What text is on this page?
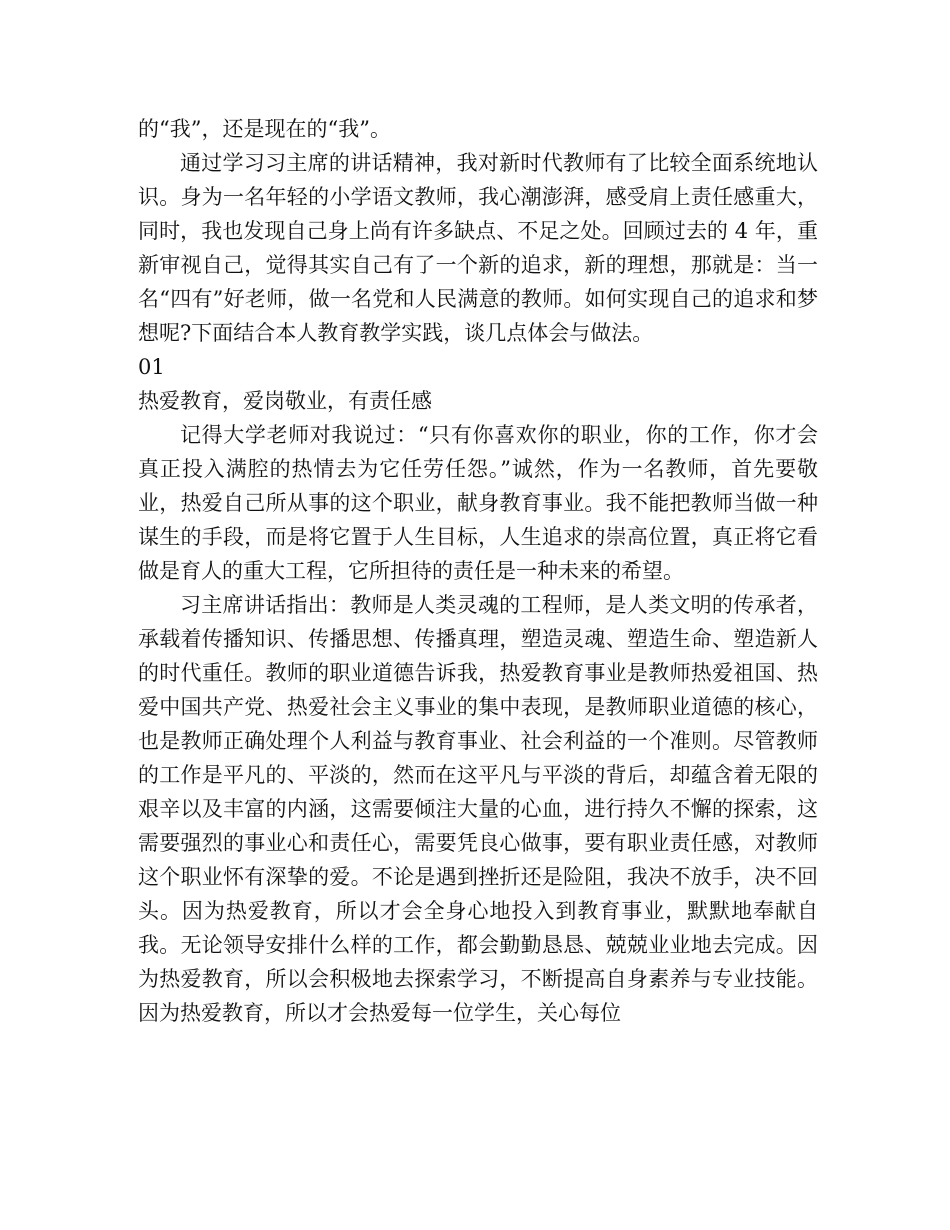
的“我”，还是现在的“我”。

通过学习习主席的讲话精神，我对新时代教师有了比较全面系统地认识。身为一名年轻的小学语文教师，我心潮澎湃，感受肩上责任感重大，同时，我也发现自己身上尚有许多缺点、不足之处。回顾过去的 4 年，重新审视自己，觉得其实自己有了一个新的追求，新的理想，那就是：当一名“四有”好老师，做一名党和人民满意的教师。如何实现自己的追求和梦想呢?下面结合本人教育教学实践，谈几点体会与做法。

01

热爱教育，爱岗敬业，有责任感

记得大学老师对我说过：“只有你喜欢你的职业，你的工作，你才会真正投入满腔的热情去为它任劳任怨。”诚然，作为一名教师，首先要敬业，热爱自己所从事的这个职业，献身教育事业。我不能把教师当做一种谋生的手段，而是将它置于人生目标，人生追求的崇高位置，真正将它看做是育人的重大工程，它所担待的责任是一种未来的希望。

习主席讲话指出：教师是人类灵魂的工程师，是人类文明的传承者，承载着传播知识、传播思想、传播真理，塑造灵魂、塑造生命、塑造新人的时代重任。教师的职业道德告诉我，热爱教育事业是教师热爱祖国、热爱中国共产党、热爱社会主义事业的集中表现，是教师职业道德的核心，也是教师正确处理个人利益与教育事业、社会利益的一个准则。尽管教师的工作是平凡的、平淡的，然而在这平凡与平淡的背后，却蕴含着无限的艰辛以及丰富的内涵，这需要倾注大量的心血，进行持久不懈的探索，这需要强烈的事业心和责任心，需要凭良心做事，要有职业责任感，对教师这个职业怀有深挚的爱。不论是遇到挫折还是险阻，我决不放手，决不回头。因为热爱教育，所以才会全身心地投入到教育事业，默默地奉献自我。无论领导安排什么样的工作，都会勤勤恳恳、兢兢业业地去完成。因为热爱教育，所以会积极地去探索学习，不断提高自身素养与专业技能。因为热爱教育，所以才会热爱每一位学生，关心每位
